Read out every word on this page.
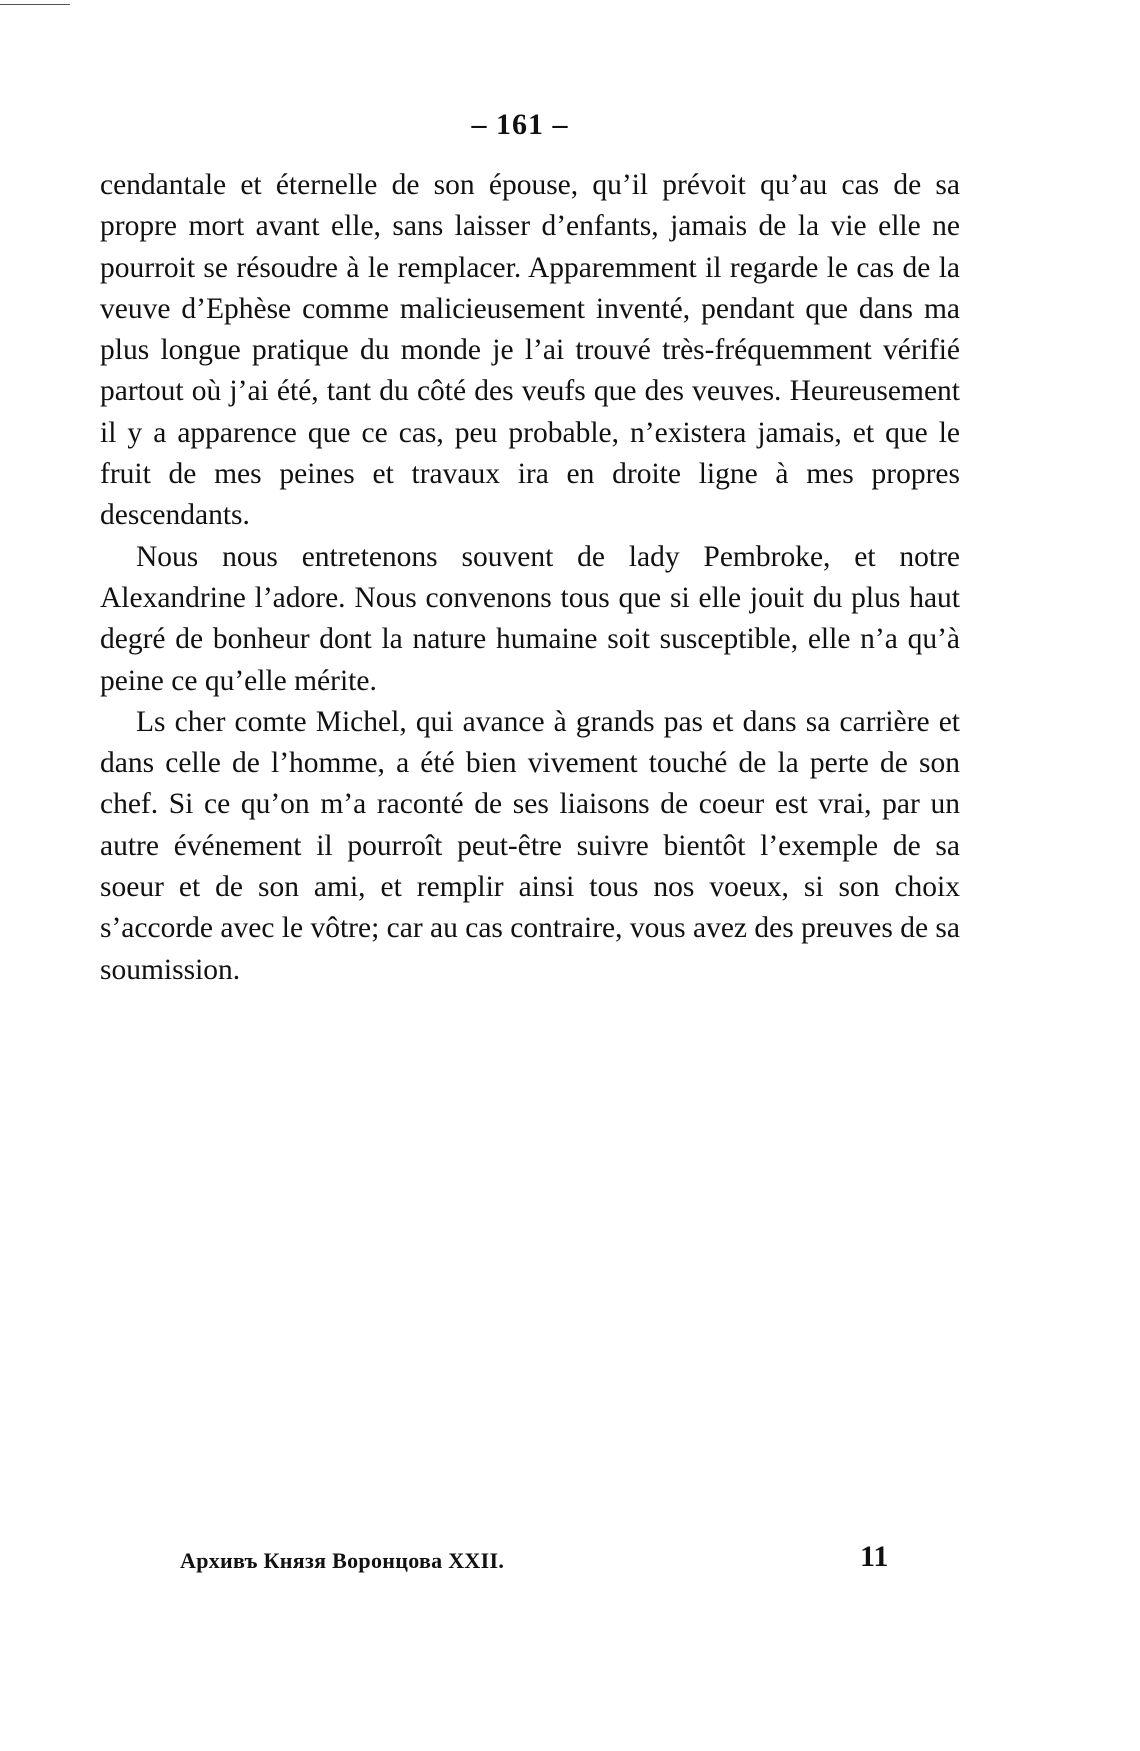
– 161 –

cendantale et éternelle de son épouse, qu’il prévoit qu’au cas de sa propre mort avant elle, sans laisser d’enfants, jamais de la vie elle ne pourroit se résoudre à le remplacer. Apparemment il regarde le cas de la veuve d’Ephèse comme malicieusement inventé, pendant que dans ma plus longue pratique du monde je l’ai trouvé très-fréquemment vérifié partout où j’ai été, tant du côté des veufs que des veuves. Heureusement il y a apparence que ce cas, peu probable, n’existera jamais, et que le fruit de mes peines et travaux ira en droite ligne à mes propres descendants.

Nous nous entretenons souvent de lady Pembroke, et notre Alexandrine l’adore. Nous convenons tous que si elle jouit du plus haut degré de bonheur dont la nature humaine soit susceptible, elle n’a qu’à peine ce qu’elle mérite.

Ls cher comte Michel, qui avance à grands pas et dans sa carrière et dans celle de l’homme, a été bien vivement touché de la perte de son chef. Si ce qu’on m’a raconté de ses liaisons de coeur est vrai, par un autre événement il pourroît peut-être suivre bientôt l’exemple de sa soeur et de son ami, et remplir ainsi tous nos voeux, si son choix s’accorde avec le vôtre; car au cas contraire, vous avez des preuves de sa soumission.

Архивъ Князя Воронцова XXII.	11
